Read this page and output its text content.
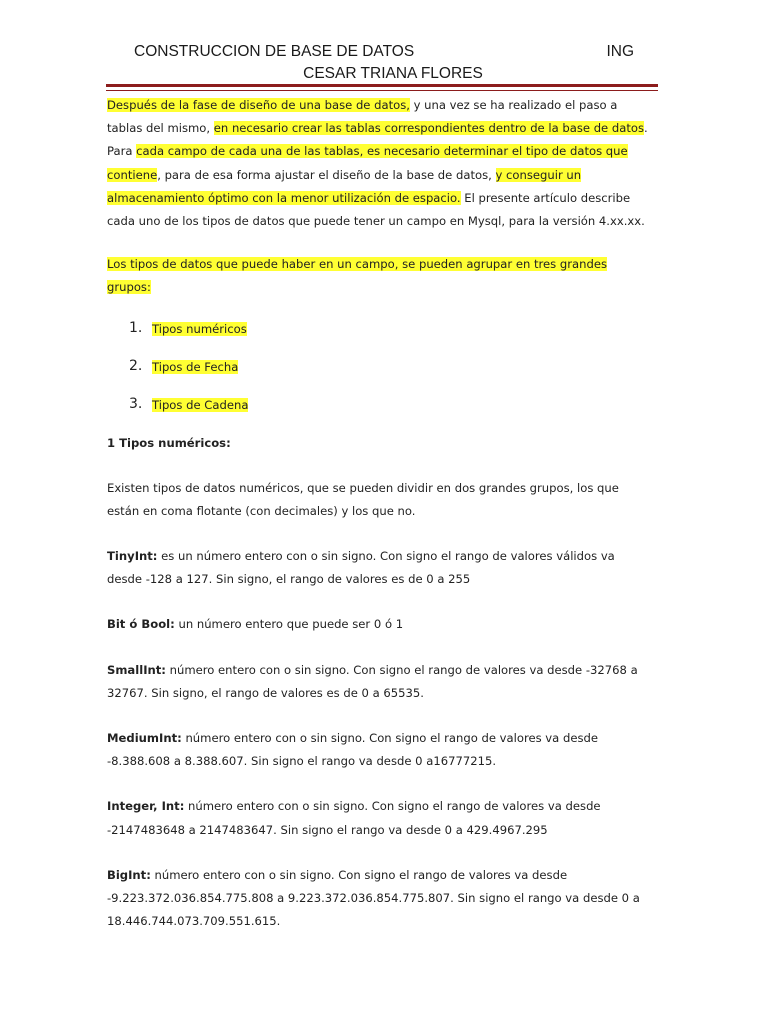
CONSTRUCCION DE BASE DE DATOS	ING
CESAR TRIANA FLORES

Después de la fase de diseño de una base de datos, y una vez se ha realizado el paso a tablas del mismo, en necesario crear las tablas correspondientes dentro de la base de datos. Para cada campo de cada una de las tablas, es necesario determinar el tipo de datos que contiene, para de esa forma ajustar el diseño de la base de datos, y conseguir un almacenamiento óptimo con la menor utilización de espacio. El presente artículo describe cada uno de los tipos de datos que puede tener un campo en Mysql, para la versión 4.xx.xx.

Los tipos de datos que puede haber en un campo, se pueden agrupar en tres grandes grupos:

1. Tipos numéricos
2. Tipos de Fecha
3. Tipos de Cadena

1 Tipos numéricos:

Existen tipos de datos numéricos, que se pueden dividir en dos grandes grupos, los que están en coma flotante (con decimales) y los que no.

TinyInt: es un número entero con o sin signo. Con signo el rango de valores válidos va desde -128 a 127. Sin signo, el rango de valores es de 0 a 255

Bit ó Bool: un número entero que puede ser 0 ó 1

SmallInt: número entero con o sin signo. Con signo el rango de valores va desde -32768 a 32767. Sin signo, el rango de valores es de 0 a 65535.

MediumInt: número entero con o sin signo. Con signo el rango de valores va desde -8.388.608 a 8.388.607. Sin signo el rango va desde 0 a16777215.

Integer, Int: número entero con o sin signo. Con signo el rango de valores va desde -2147483648 a 2147483647. Sin signo el rango va desde 0 a 429.4967.295

BigInt: número entero con o sin signo. Con signo el rango de valores va desde -9.223.372.036.854.775.808 a 9.223.372.036.854.775.807. Sin signo el rango va desde 0 a 18.446.744.073.709.551.615.
